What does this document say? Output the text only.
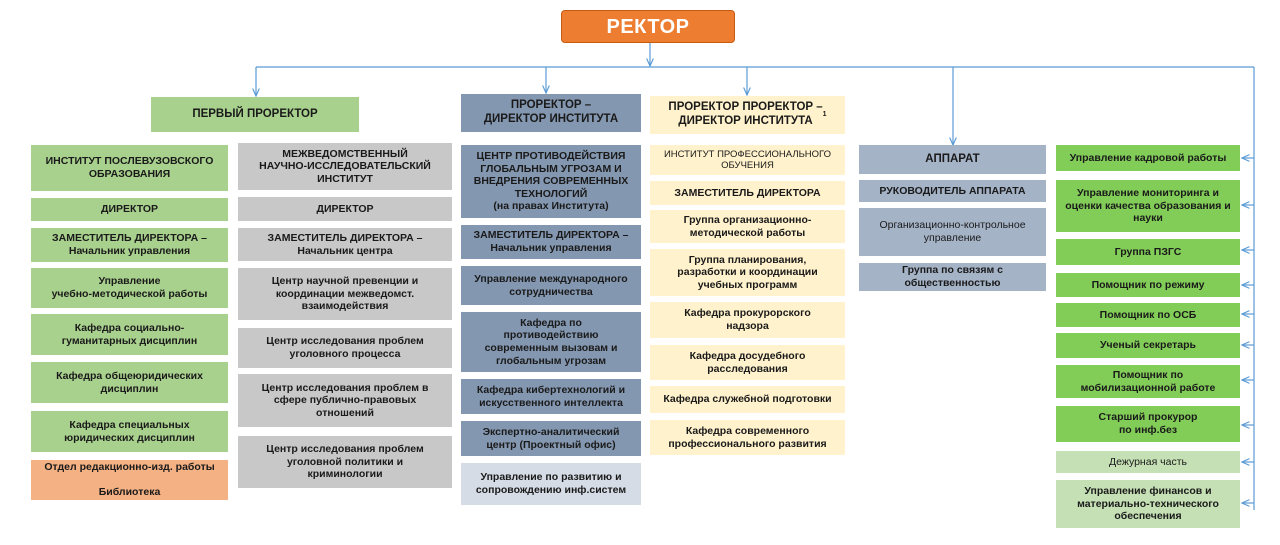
РЕКТОР
ПЕРВЫЙ ПРОРЕКТОР
ИНСТИТУТ ПОСЛЕВУЗОВСКОГО
ОБРАЗОВАНИЯ
ДИРЕКТОР
ЗАМЕСТИТЕЛЬ ДИРЕКТОРА –
Начальник управления
Управление
учебно-методической работы
Кафедра социально-
гуманитарных дисциплин
Кафедра общеюридических
дисциплин
Кафедра специальных
юридических дисциплин
Отдел редакционно-изд. работы

Библиотека
МЕЖВЕДОМСТВЕННЫЙ
НАУЧНО-ИССЛЕДОВАТЕЛЬСКИЙ
ИНСТИТУТ
ДИРЕКТОР
ЗАМЕСТИТЕЛЬ ДИРЕКТОРА –
Начальник центра
Центр научной превенции и
координации межведомст.
взаимодействия
Центр исследования проблем
уголовного процесса
Центр исследования проблем в
сфере публично-правовых
отношений
Центр исследования проблем
уголовной политики и
криминологии
ПРОРЕКТОР –
ДИРЕКТОР ИНСТИТУТА
ЦЕНТР ПРОТИВОДЕЙСТВИЯ
ГЛОБАЛЬНЫМ УГРОЗАМ И
ВНЕДРЕНИЯ СОВРЕМЕННЫХ
ТЕХНОЛОГИЙ
(на правах Института)
ЗАМЕСТИТЕЛЬ ДИРЕКТОРА –
Начальник управления
Управление международного
сотрудничества
Кафедра по
противодействию
современным вызовам и
глобальным угрозам
Кафедра кибертехнологий и
искусственного интеллекта
Экспертно-аналитический
центр (Проектный офис)
Управление по развитию и
сопровождению инф.систем
ПРОРЕКТОР ПРОРЕКТОР –
ДИРЕКТОР ИНСТИТУТА
1
ИНСТИТУТ ПРОФЕССИОНАЛЬНОГО
ОБУЧЕНИЯ
ЗАМЕСТИТЕЛЬ ДИРЕКТОРА
Группа организационно-
методической работы
Группа планирования,
разработки и координации
учебных программ
Кафедра прокурорского
надзора
Кафедра досудебного
расследования
Кафедра служебной подготовки
Кафедра современного
профессионального развития
АППАРАТ
РУКОВОДИТЕЛЬ АППАРАТА
Организационно-контрольное
управление
Группа по связям с
общественностью
Управление кадровой работы
Управление мониторинга и
оценки качества образования и
науки
Группа ПЗГС
Помощник по режиму
Помощник по ОСБ
Ученый секретарь
Помощник по
мобилизационной работе
Старший прокурор
по инф.без
Дежурная часть
Управление финансов и
материально-технического
обеспечения
